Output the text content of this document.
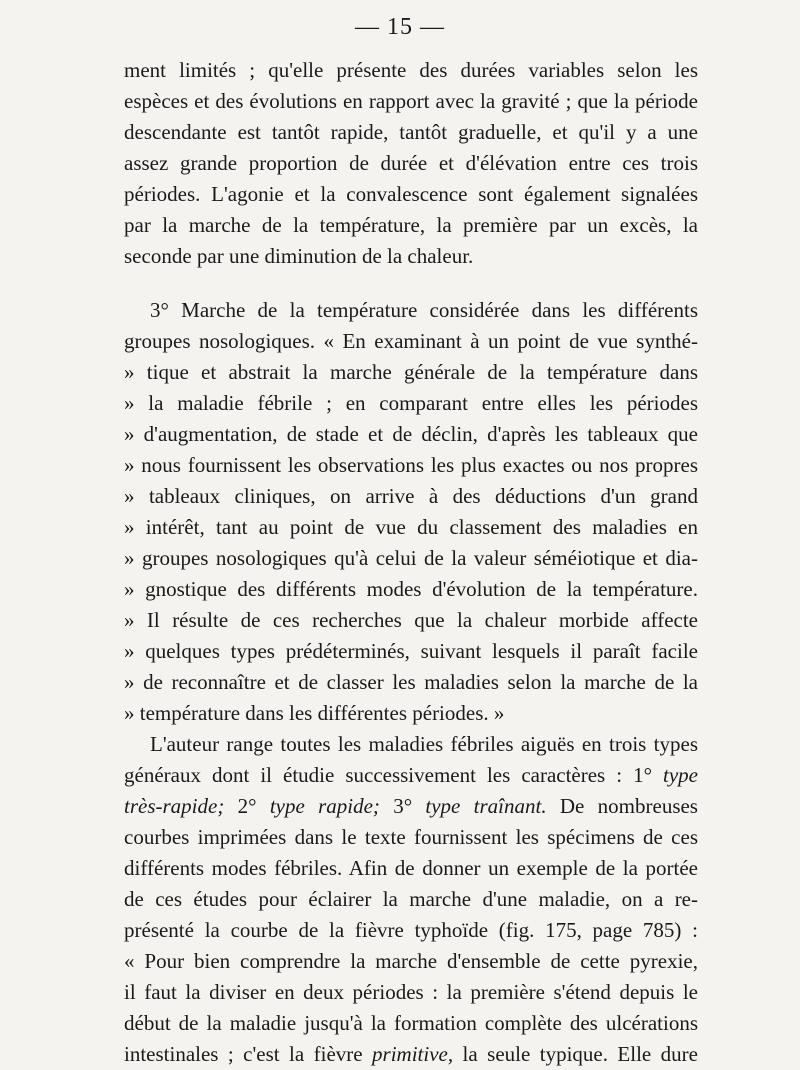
— 15 —
ment limités ; qu'elle présente des durées variables selon les
espèces et des évolutions en rapport avec la gravité ; que la période
descendante est tantôt rapide, tantôt graduelle, et qu'il y a une
assez grande proportion de durée et d'élévation entre ces trois
périodes. L'agonie et la convalescence sont également signalées
par la marche de la température, la première par un excès, la
seconde par une diminution de la chaleur.
3° Marche de la température considérée dans les différents
groupes nosologiques. « En examinant à un point de vue synthé-
» tique et abstrait la marche générale de la température dans
» la maladie fébrile ; en comparant entre elles les périodes
» d'augmentation, de stade et de déclin, d'après les tableaux que
» nous fournissent les observations les plus exactes ou nos propres
» tableaux cliniques, on arrive à des déductions d'un grand
» intérêt, tant au point de vue du classement des maladies en
» groupes nosologiques qu'à celui de la valeur séméiotique et dia-
» gnostique des différents modes d'évolution de la température.
» Il résulte de ces recherches que la chaleur morbide affecte
» quelques types prédéterminés, suivant lesquels il paraît facile
» de reconnaître et de classer les maladies selon la marche de la
» température dans les différentes périodes. »
L'auteur range toutes les maladies fébriles aiguës en trois types
généraux dont il étudie successivement les caractères : 1° type
très-rapide; 2° type rapide; 3° type traînant. De nombreuses
courbes imprimées dans le texte fournissent les spécimens de ces
différents modes fébriles. Afin de donner un exemple de la portée
de ces études pour éclairer la marche d'une maladie, on a re-
présenté la courbe de la fièvre typhoïde (fig. 175, page 785) :
« Pour bien comprendre la marche d'ensemble de cette pyrexie,
il faut la diviser en deux périodes : la première s'étend depuis le
début de la maladie jusqu'à la formation complète des ulcérations
intestinales ; c'est la fièvre primitive, la seule typique. Elle dure
